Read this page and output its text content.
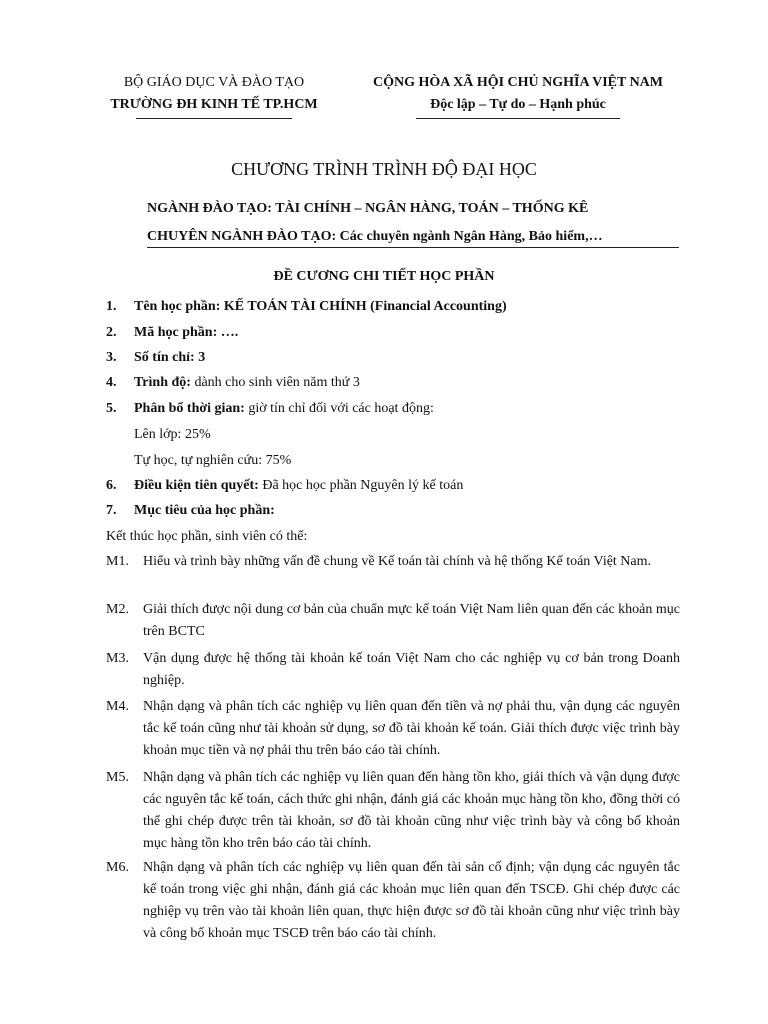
BỘ GIÁO DỤC VÀ ĐÀO TẠO
TRƯỜNG ĐH KINH TẾ TP.HCM
CỘNG HÒA XÃ HỘI CHỦ NGHĨA VIỆT NAM
Độc lập – Tự do – Hạnh phúc
CHƯƠNG TRÌNH TRÌNH ĐỘ ĐẠI HỌC
NGÀNH ĐÀO TẠO: TÀI CHÍNH – NGÂN HÀNG, TOÁN – THỐNG KÊ
CHUYÊN NGÀNH ĐÀO TẠO: Các chuyên ngành Ngân Hàng, Bảo hiểm,…
ĐỀ CƯƠNG CHI TIẾT HỌC PHẦN
1. Tên học phần: KẾ TOÁN TÀI CHÍNH (Financial Accounting)
2. Mã học phần: ….
3. Số tín chỉ: 3
4. Trình độ: dành cho sinh viên năm thứ 3
5. Phân bổ thời gian: giờ tín chỉ đối với các hoạt động:
Lên lớp: 25%
Tự học, tự nghiên cứu: 75%
6. Điều kiện tiên quyết: Đã học học phần Nguyên lý kế toán
7. Mục tiêu của học phần:
Kết thúc học phần, sinh viên có thể:
M1.	Hiểu và trình bày những vấn đề chung về Kế toán tài chính và hệ thống Kế toán Việt Nam.
M2.	Giải thích được nội dung cơ bản của chuẩn mực kế toán Việt Nam liên quan đến các khoản mục trên BCTC
M3.	Vận dụng được hệ thống tài khoản kế toán Việt Nam cho các nghiệp vụ cơ bản trong Doanh nghiệp.
M4.	Nhận dạng và phân tích các nghiệp vụ liên quan đến tiền và nợ phải thu, vận dụng các nguyên tắc kế toán cũng như tài khoản sử dụng, sơ đồ tài khoản kế toán. Giải thích được việc trình bày khoản mục tiền và nợ phải thu trên báo cáo tài chính.
M5.	Nhận dạng và phân tích các nghiệp vụ liên quan đến hàng tồn kho, giải thích và vận dụng được các nguyên tắc kế toán, cách thức ghi nhận, đánh giá các khoản mục hàng tồn kho, đồng thời có thể ghi chép được trên tài khoản, sơ đồ tài khoản cũng như việc trình bày và công bố khoản mục hàng tồn kho trên báo cáo tài chính.
M6.	Nhận dạng và phân tích các nghiệp vụ liên quan đến tài sản cố định; vận dụng các nguyên tắc kế toán trong việc ghi nhận, đánh giá các khoản mục liên quan đến TSCĐ. Ghi chép được các nghiệp vụ trên vào tài khoản liên quan, thực hiện được sơ đồ tài khoản cũng như việc trình bày và công bố khoản mục TSCĐ trên báo cáo tài chính.
